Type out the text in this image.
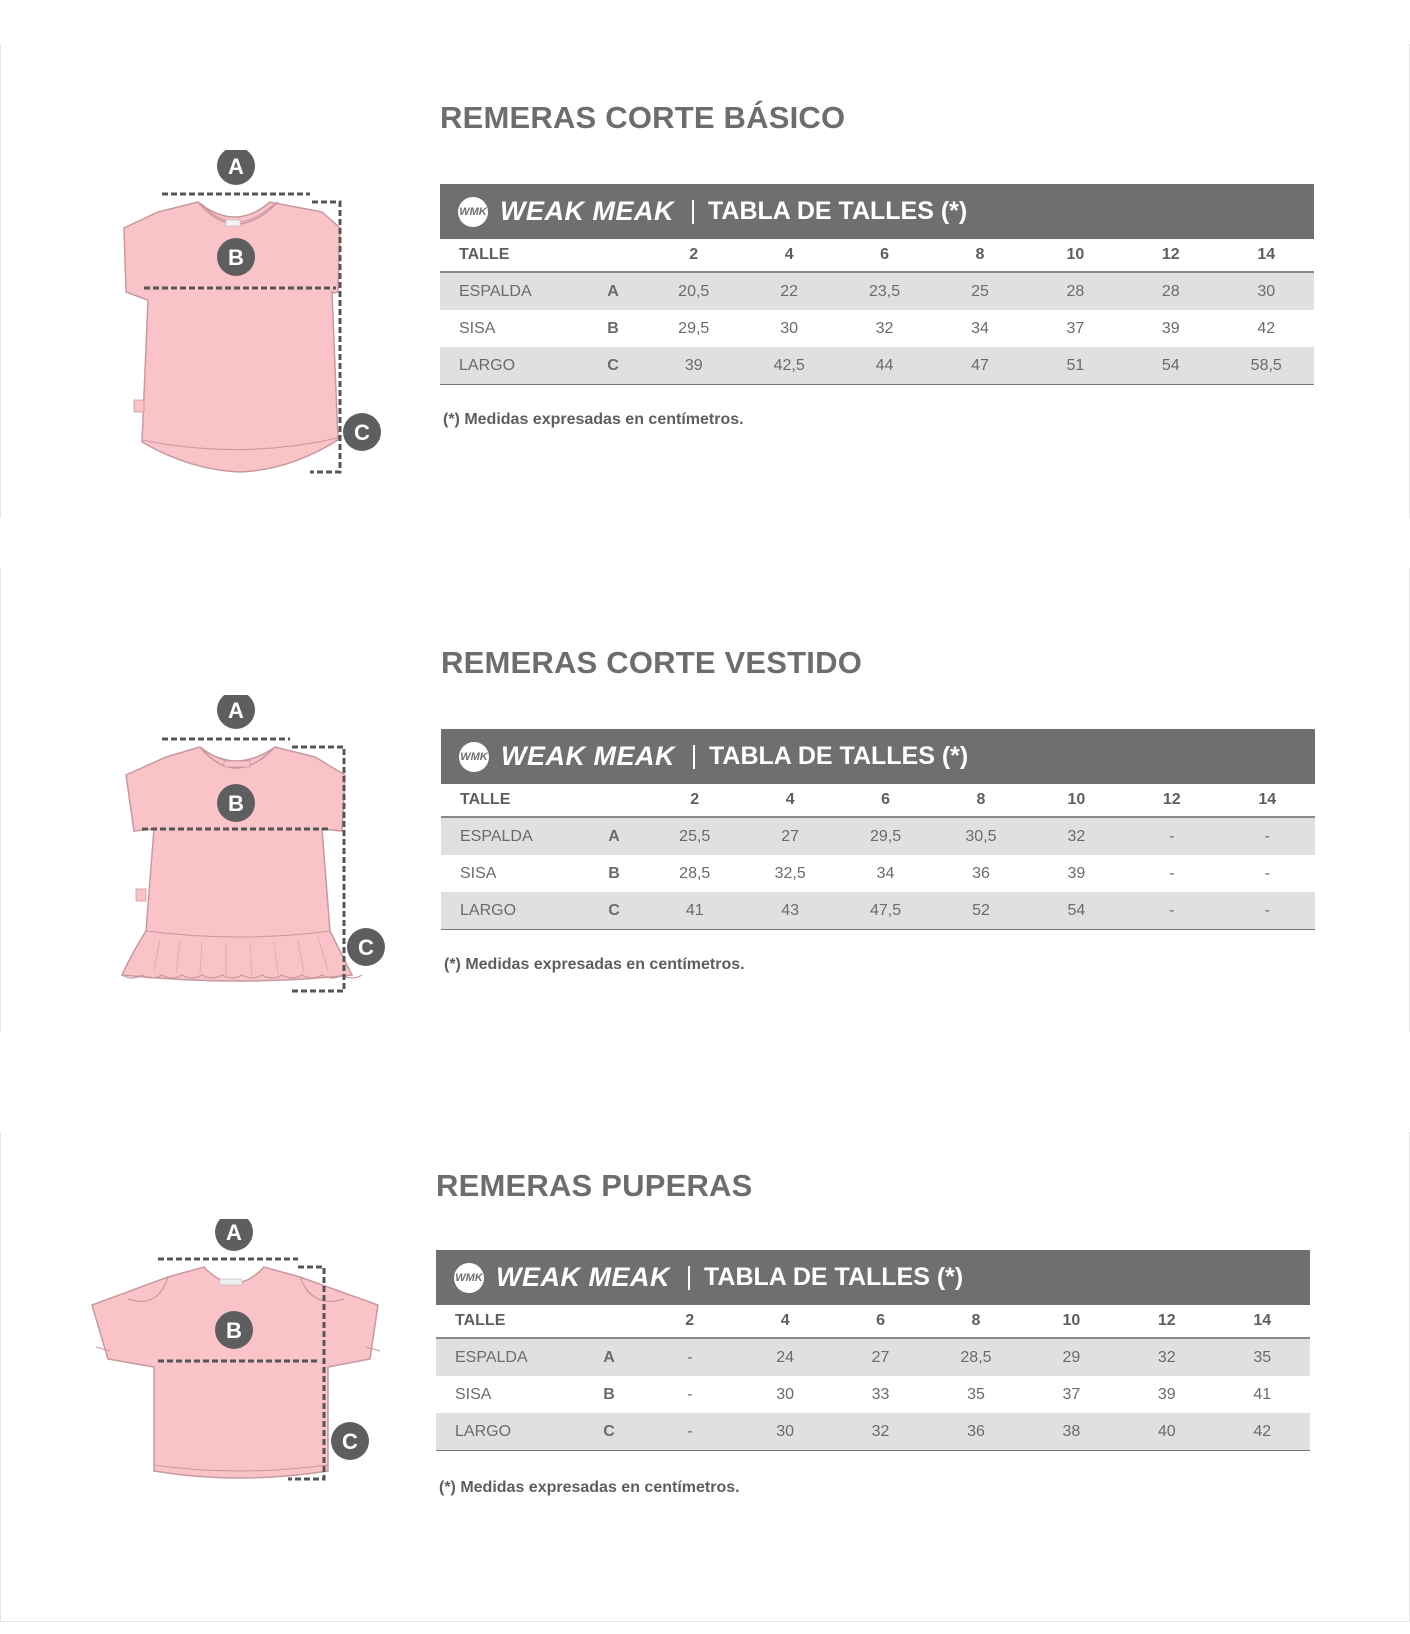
REMERAS CORTE BÁSICO
A
B
C
WMK WEAK MEAK TABLA DE TALLES (*)
TALLE		2	4	6	8	10	12	14
ESPALDA	A	20,5	22	23,5	25	28	28	30
SISA	B	29,5	30	32	34	37	39	42
LARGO	C	39	42,5	44	47	51	54	58,5
(*) Medidas expresadas en centímetros.
REMERAS CORTE VESTIDO
A
B
C
WMK WEAK MEAK TABLA DE TALLES (*)
TALLE		2	4	6	8	10	12	14
ESPALDA	A	25,5	27	29,5	30,5	32	-	-
SISA	B	28,5	32,5	34	36	39	-	-
LARGO	C	41	43	47,5	52	54	-	-
(*) Medidas expresadas en centímetros.
REMERAS PUPERAS
A
B
C
WMK WEAK MEAK TABLA DE TALLES (*)
TALLE		2	4	6	8	10	12	14
ESPALDA	A	-	24	27	28,5	29	32	35
SISA	B	-	30	33	35	37	39	41
LARGO	C	-	30	32	36	38	40	42
(*) Medidas expresadas en centímetros.
